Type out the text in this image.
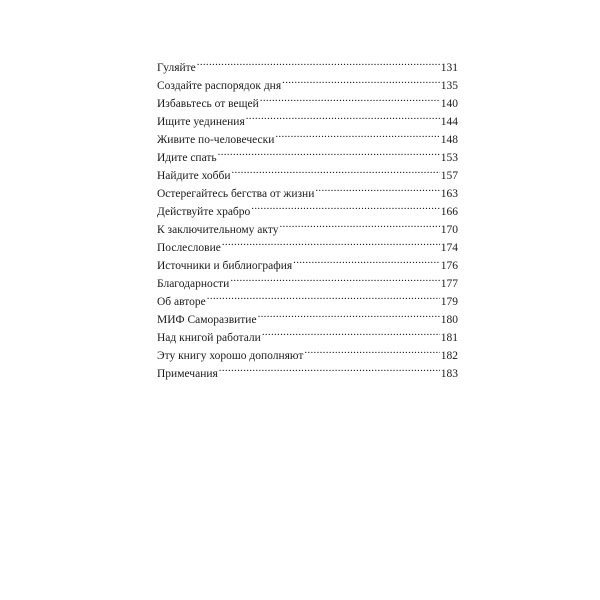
Гуляйте .....	131
Создайте распорядок дня .....	135
Избавьтесь от вещей .....	140
Ищите уединения .....	144
Живите по-человечески .....	148
Идите спать .....	153
Найдите хобби .....	157
Остерегайтесь бегства от жизни .....	163
Действуйте храбро .....	166
К заключительному акту .....	170
Послесловие .....	174
Источники и библиография .....	176
Благодарности .....	177
Об авторе .....	179
МИФ Саморазвитие .....	180
Над книгой работали .....	181
Эту книгу хорошо дополняют .....	182
Примечания .....	183
